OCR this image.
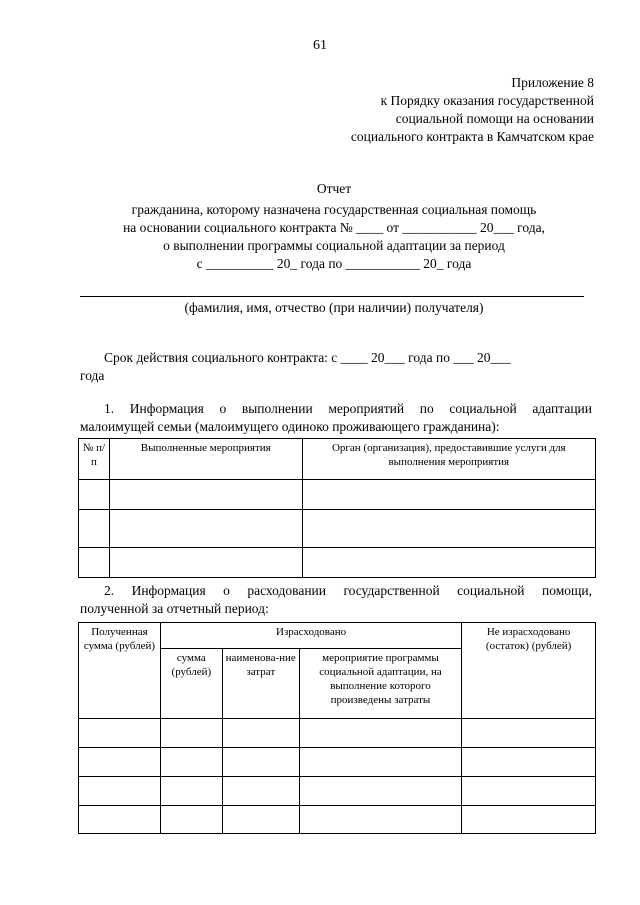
61
Приложение 8
к Порядку оказания государственной
социальной помощи на основании
социального контракта в Камчатском крае
Отчет
гражданина, которому назначена государственная социальная помощь
на основании социального контракта № ____ от ___________ 20___ года,
о выполнении программы социальной адаптации за период
с __________ 20_ года по ___________ 20_ года
(фамилия, имя, отчество (при наличии) получателя)
Срок действия социального контракта: с ____ 20___ года по ___ 20___
года
1. Информация о выполнении мероприятий по социальной адаптации
малоимущей семьи (малоимущего одиноко проживающего гражданина):
№ п/п	Выполненные мероприятия	Орган (организация), предоставившие услуги для выполнения мероприятия

2. Информация о расходовании государственной социальной помощи,
полученной за отчетный период:
Полученная сумма (рублей)	Израсходовано			Не израсходовано (остаток) (рублей)
	сумма (рублей)	наименова-ние затрат	мероприятие программы социальной адаптации, на выполнение которого произведены затраты	
